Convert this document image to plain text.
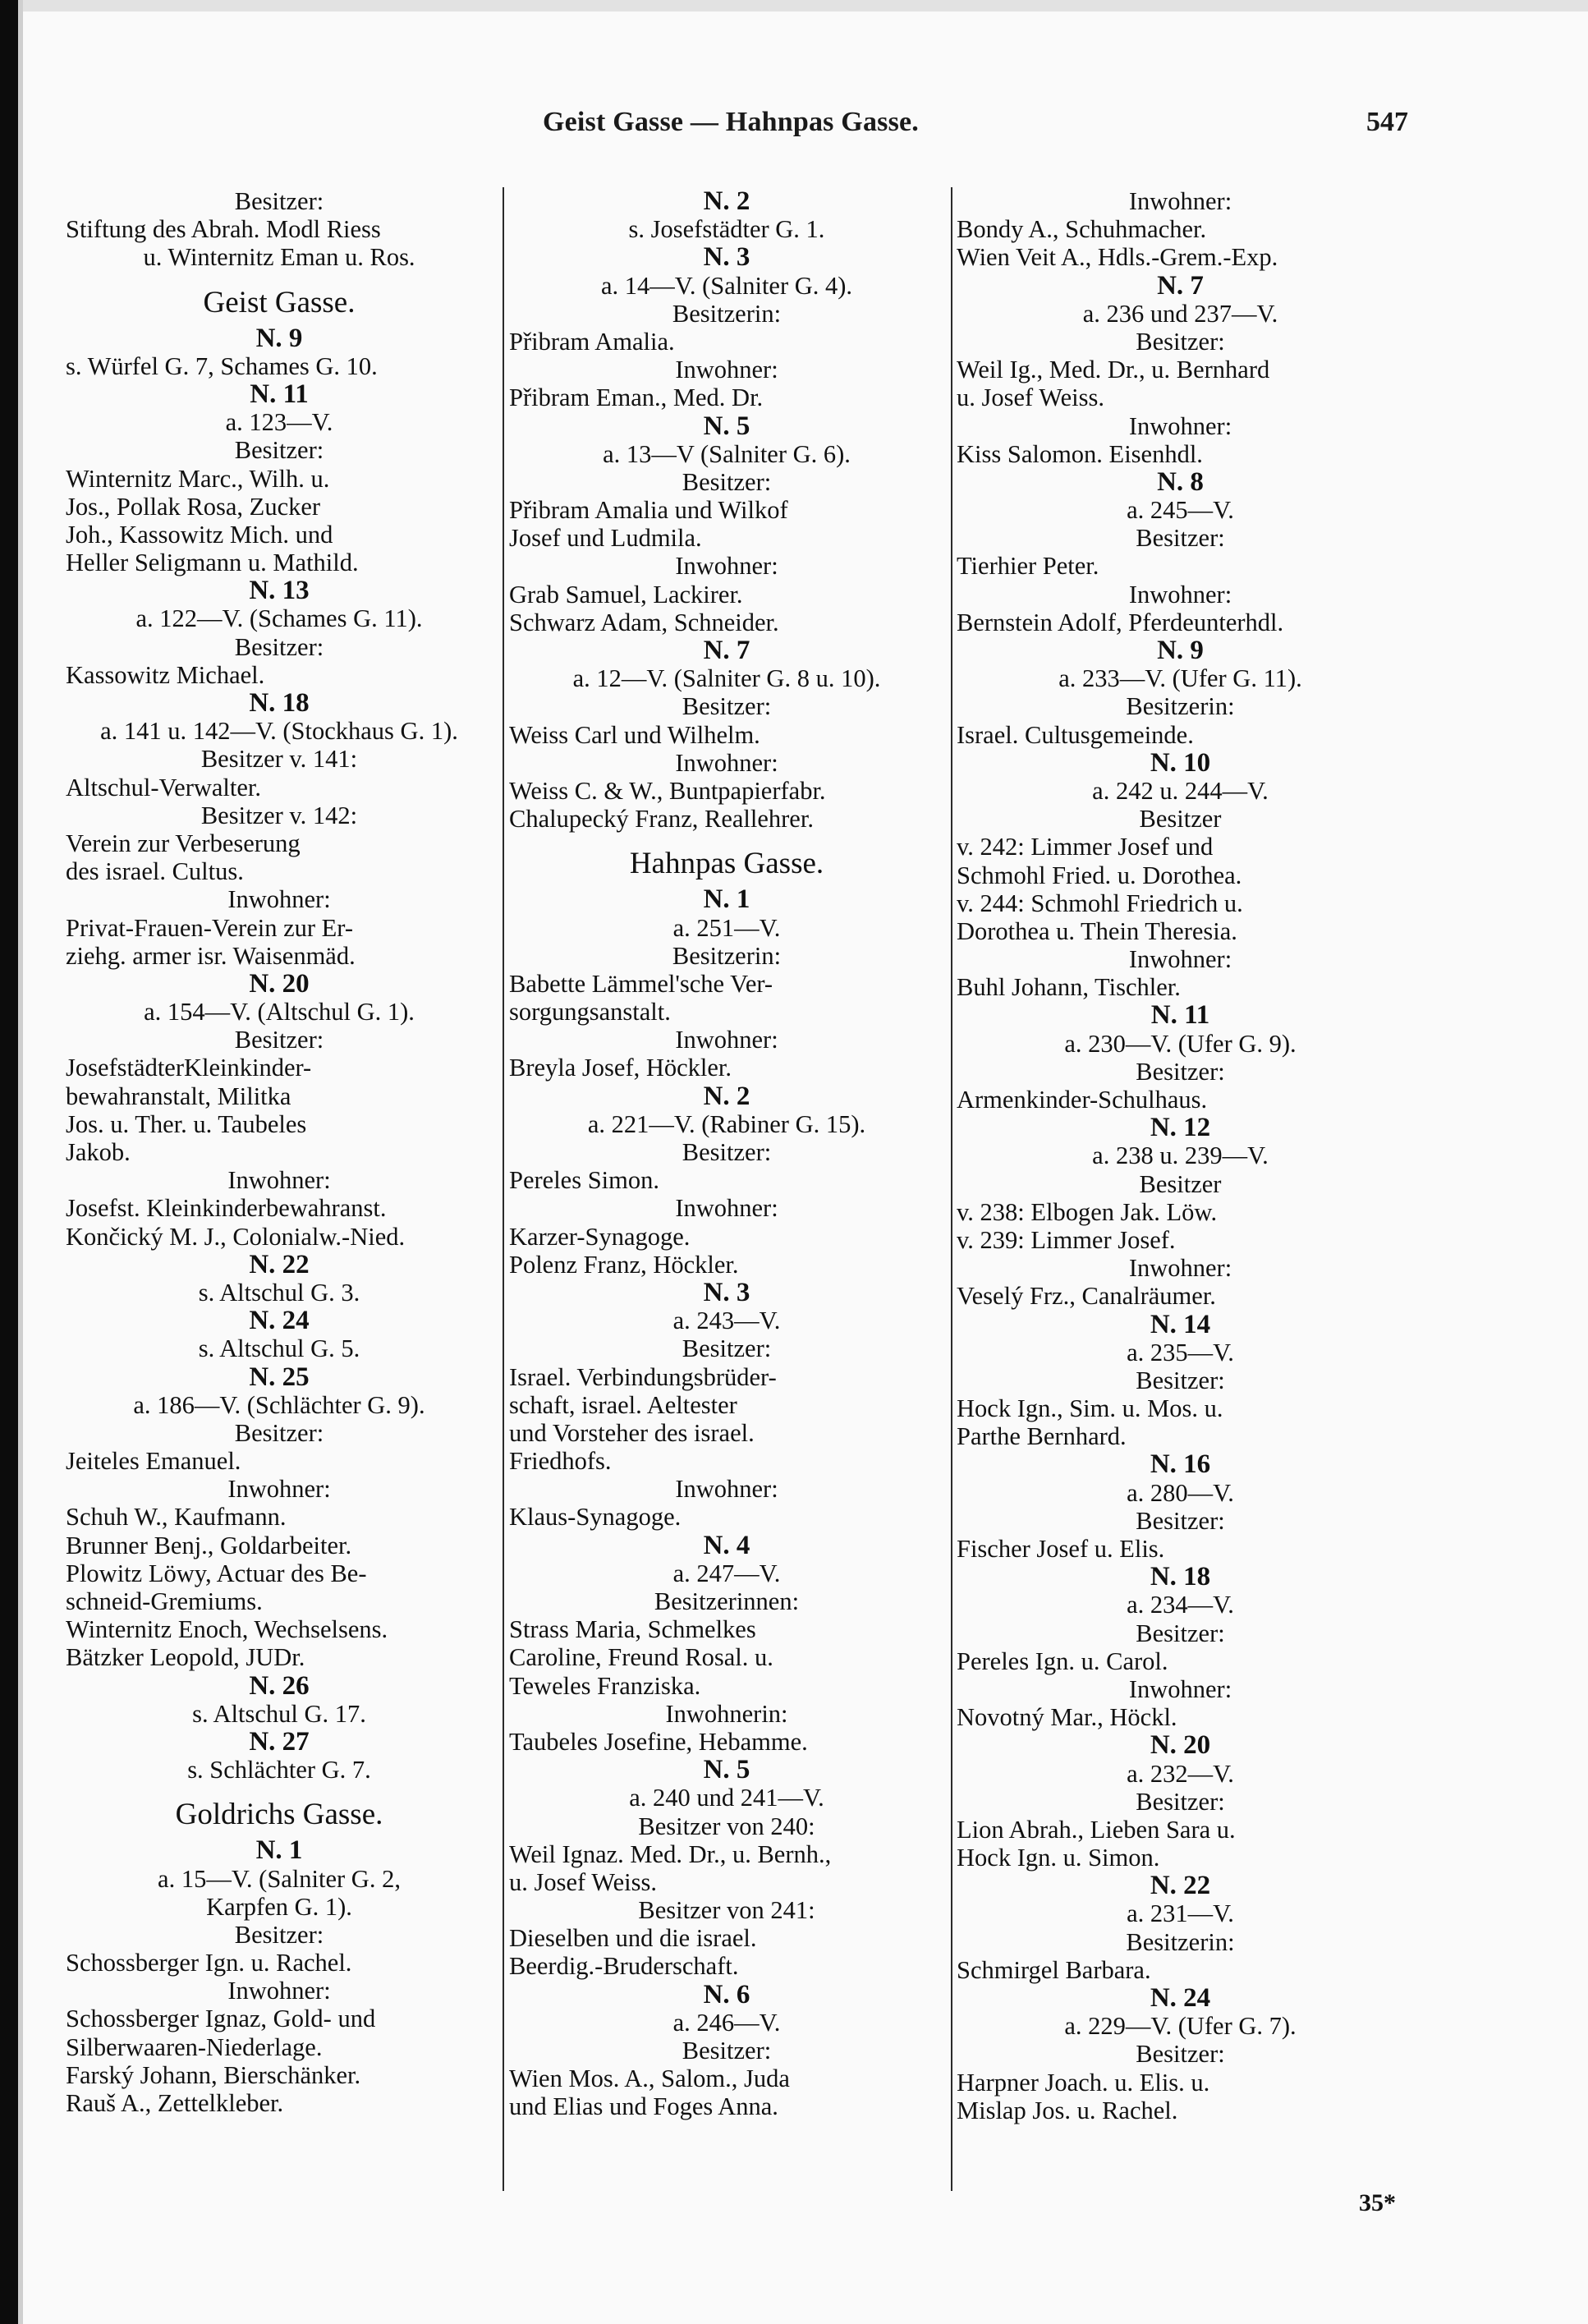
Geist Gasse — Hahnpas Gasse.	547
Besitzer:
Stiftung des Abrah. Modl Riess
u. Winternitz Eman u. Ros.
Geist Gasse.
N. 9
s. Würfel G. 7, Schames G. 10.
N. 11
a. 123—V.
Besitzer:
Winternitz Marc., Wilh. u.
Jos., Pollak Rosa, Zucker
Joh., Kassowitz Mich. und
Heller Seligmann u. Mathild.
N. 13
a. 122—V. (Schames G. 11).
Besitzer:
Kassowitz Michael.
N. 18
a. 141 u. 142—V. (Stockhaus G. 1).
Besitzer v. 141:
Altschul-Verwalter.
Besitzer v. 142:
Verein zur Verbeserung
des israel. Cultus.
Inwohner:
Privat-Frauen-Verein zur Er-
ziehg. armer isr. Waisenmäd.
N. 20
a. 154—V. (Altschul G. 1).
Besitzer:
JosefstädterKleinkinder-
bewahranstalt, Militka
Jos. u. Ther. u. Taubeles
Jakob.
Inwohner:
Josefst. Kleinkinderbewahranst.
Končický M. J., Colonialw.-Nied.
N. 22
s. Altschul G. 3.
N. 24
s. Altschul G. 5.
N. 25
a. 186—V. (Schlächter G. 9).
Besitzer:
Jeiteles Emanuel.
Inwohner:
Schuh W., Kaufmann.
Brunner Benj., Goldarbeiter.
Plowitz Löwy, Actuar des Be-
schneid-Gremiums.
Winternitz Enoch, Wechselsens.
Bätzker Leopold, JUDr.
N. 26
s. Altschul G. 17.
N. 27
s. Schlächter G. 7.
Goldrichs Gasse.
N. 1
a. 15—V. (Salniter G. 2,
Karpfen G. 1).
Besitzer:
Schossberger Ign. u. Rachel.
Inwohner:
Schossberger Ignaz, Gold- und
Silberwaaren-Niederlage.
Farský Johann, Bierschänker.
Rauš A., Zettelkleber.
N. 2
s. Josefstädter G. 1.
N. 3
a. 14—V. (Salniter G. 4).
Besitzerin:
Přibram Amalia.
Inwohner:
Přibram Eman., Med. Dr.
N. 5
a. 13—V (Salniter G. 6).
Besitzer:
Přibram Amalia und Wilkof
Josef und Ludmila.
Inwohner:
Grab Samuel, Lackirer.
Schwarz Adam, Schneider.
N. 7
a. 12—V. (Salniter G. 8 u. 10).
Besitzer:
Weiss Carl und Wilhelm.
Inwohner:
Weiss C. & W., Buntpapierfabr.
Chalupecký Franz, Reallehrer.
Hahnpas Gasse.
N. 1
a. 251—V.
Besitzerin:
Babette Lämmel'sche Ver-
sorgungsanstalt.
Inwohner:
Breyla Josef, Höckler.
N. 2
a. 221—V. (Rabiner G. 15).
Besitzer:
Pereles Simon.
Inwohner:
Karzer-Synagoge.
Polenz Franz, Höckler.
N. 3
a. 243—V.
Besitzer:
Israel. Verbindungsbrüder-
schaft, israel. Aeltester
und Vorsteher des israel.
Friedhofs.
Inwohner:
Klaus-Synagoge.
N. 4
a. 247—V.
Besitzerinnen:
Strass Maria, Schmelkes
Caroline, Freund Rosal. u.
Teweles Franziska.
Inwohnerin:
Taubeles Josefine, Hebamme.
N. 5
a. 240 und 241—V.
Besitzer von 240:
Weil Ignaz. Med. Dr., u. Bernh.,
u. Josef Weiss.
Besitzer von 241:
Dieselben und die israel.
Beerdig.-Bruderschaft.
N. 6
a. 246—V.
Besitzer:
Wien Mos. A., Salom., Juda
und Elias und Foges Anna.
Inwohner:
Bondy A., Schuhmacher.
Wien Veit A., Hdls.-Grem.-Exp.
N. 7
a. 236 und 237—V.
Besitzer:
Weil Ig., Med. Dr., u. Bernhard
u. Josef Weiss.
Inwohner:
Kiss Salomon. Eisenhdl.
N. 8
a. 245—V.
Besitzer:
Tierhier Peter.
Inwohner:
Bernstein Adolf, Pferdeunterhdl.
N. 9
a. 233—V. (Ufer G. 11).
Besitzerin:
Israel. Cultusgemeinde.
N. 10
a. 242 u. 244—V.
Besitzer
v. 242: Limmer Josef und
Schmohl Fried. u. Dorothea.
v. 244: Schmohl Friedrich u.
Dorothea u. Thein Theresia.
Inwohner:
Buhl Johann, Tischler.
N. 11
a. 230—V. (Ufer G. 9).
Besitzer:
Armenkinder-Schulhaus.
N. 12
a. 238 u. 239—V.
Besitzer
v. 238: Elbogen Jak. Löw.
v. 239: Limmer Josef.
Inwohner:
Veselý Frz., Canalräumer.
N. 14
a. 235—V.
Besitzer:
Hock Ign., Sim. u. Mos. u.
Parthe Bernhard.
N. 16
a. 280—V.
Besitzer:
Fischer Josef u. Elis.
N. 18
a. 234—V.
Besitzer:
Pereles Ign. u. Carol.
Inwohner:
Novotný Mar., Höckl.
N. 20
a. 232—V.
Besitzer:
Lion Abrah., Lieben Sara u.
Hock Ign. u. Simon.
N. 22
a. 231—V.
Besitzerin:
Schmirgel Barbara.
N. 24
a. 229—V. (Ufer G. 7).
Besitzer:
Harpner Joach. u. Elis. u.
Mislap Jos. u. Rachel.
35*
